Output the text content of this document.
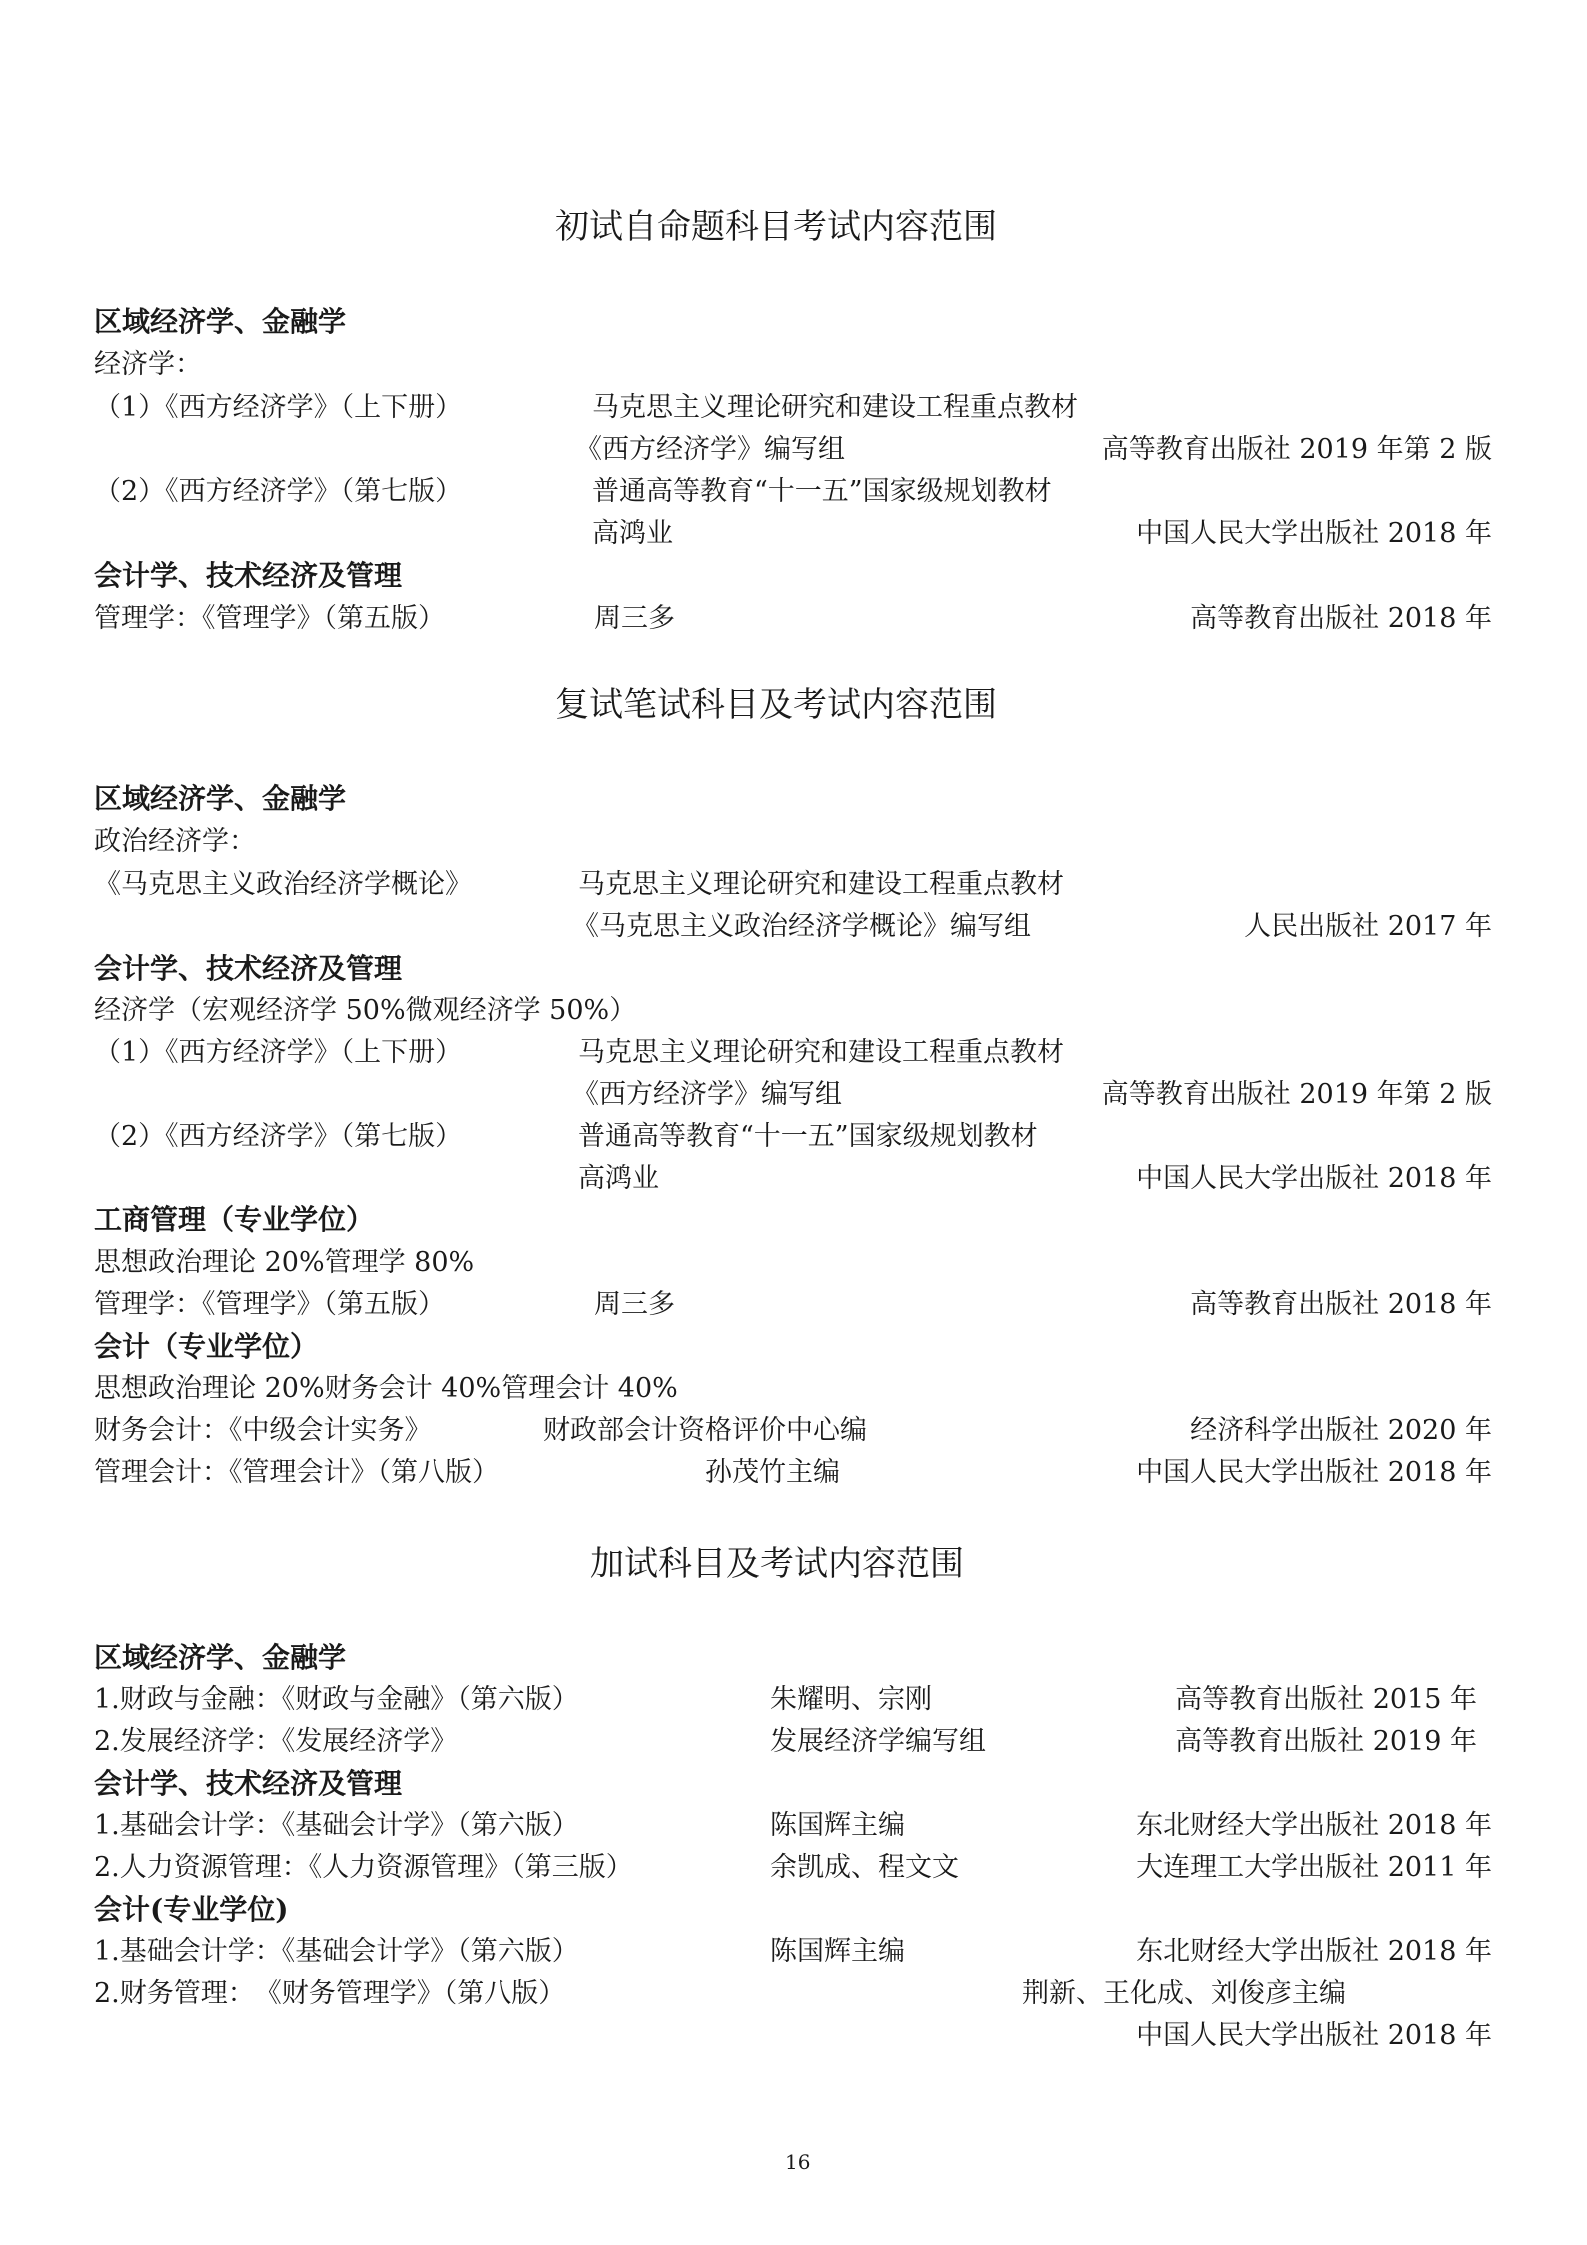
初试自命题科目考试内容范围
区域经济学、金融学
经济学：
（1）《西方经济学》（上下册）	马克思主义理论研究和建设工程重点教材
《西方经济学》编写组	高等教育出版社 2019 年第 2 版
（2）《西方经济学》（第七版）	普通高等教育“十一五”国家级规划教材
高鸿业	中国人民大学出版社 2018 年
会计学、技术经济及管理
管理学：《管理学》（第五版）	周三多	高等教育出版社 2018 年
复试笔试科目及考试内容范围
区域经济学、金融学
政治经济学：
《马克思主义政治经济学概论》	马克思主义理论研究和建设工程重点教材
《马克思主义政治经济学概论》编写组	人民出版社 2017 年
会计学、技术经济及管理
经济学（宏观经济学 50%微观经济学 50%）
（1）《西方经济学》（上下册）	马克思主义理论研究和建设工程重点教材
《西方经济学》编写组	高等教育出版社 2019 年第 2 版
（2）《西方经济学》（第七版）	普通高等教育“十一五”国家级规划教材
高鸿业	中国人民大学出版社 2018 年
工商管理（专业学位）
思想政治理论 20%管理学 80%
管理学：《管理学》（第五版）	周三多	高等教育出版社 2018 年
会计（专业学位）
思想政治理论 20%财务会计 40%管理会计 40%
财务会计：《中级会计实务》	财政部会计资格评价中心编	经济科学出版社 2020 年
管理会计：《管理会计》（第八版）	孙茂竹主编	中国人民大学出版社 2018 年
加试科目及考试内容范围
区域经济学、金融学
1.财政与金融：《财政与金融》（第六版）	朱耀明、宗刚	高等教育出版社 2015 年
2.发展经济学：《发展经济学》	发展经济学编写组	高等教育出版社 2019 年
会计学、技术经济及管理
1.基础会计学：《基础会计学》（第六版）	陈国辉主编	东北财经大学出版社 2018 年
2.人力资源管理：《人力资源管理》（第三版）	余凯成、程文文	大连理工大学出版社 2011 年
会计(专业学位)
1.基础会计学：《基础会计学》（第六版）	陈国辉主编	东北财经大学出版社 2018 年
2.财务管理：　《财务管理学》（第八版）	荆新、王化成、刘俊彦主编
中国人民大学出版社 2018 年
16
